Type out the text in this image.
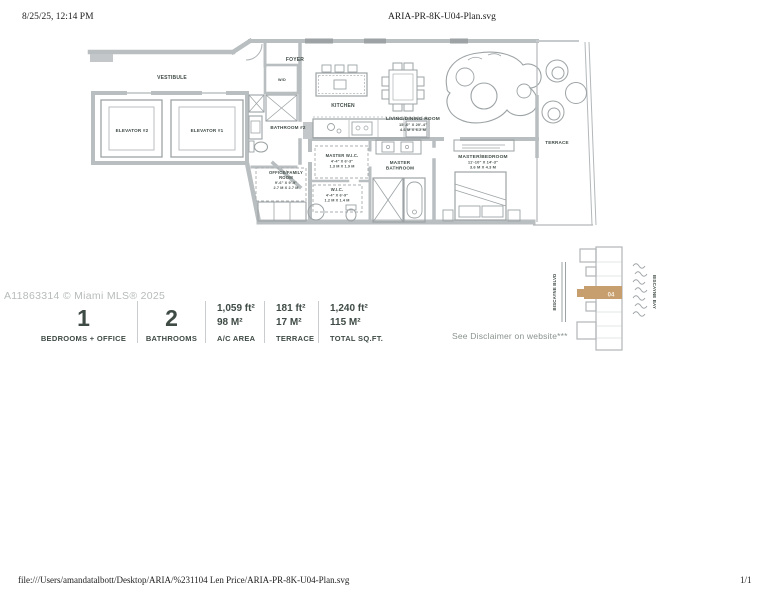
8/25/25, 12:14 PM	ARIA-PR-8K-U04-Plan.svg
VESTIBULE
ELEVATOR #2	ELEVATOR #1
FOYER
W/D
BATHROOM #2
KITCHEN
LIVING/DINING ROOM
15'-0" X 20'-4"
4.6 M X 6.2 M
MASTER W.I.C.
4'-4" X 6'-3"
1.3 M X 1.9 M
W.I.C.
4'-4" X 6'-9"
1.2 M X 1.4 M
MASTER
BATHROOM
MASTER/BEDROOM
11'-10" X 14'-3"
3.6 M X 4.3 M
OFFICE/FAMILY
ROOM
9'-6" X 9'-9"
2.7 M X 2.7 M
TERRACE
04
BISCAYNE BLVD	BISCAYNE BAY
A11863314 © Miami MLS® 2025
1
BEDROOMS + OFFICE
2
BATHROOMS
1,059 ft²
98 M²
A/C AREA
181 ft²
17 M²
TERRACE
1,240 ft²
115 M²
TOTAL SQ.FT.	See Disclaimer on website***
file:///Users/amandatalbott/Desktop/ARIA/%231104 Len Price/ARIA-PR-8K-U04-Plan.svg	1/1
